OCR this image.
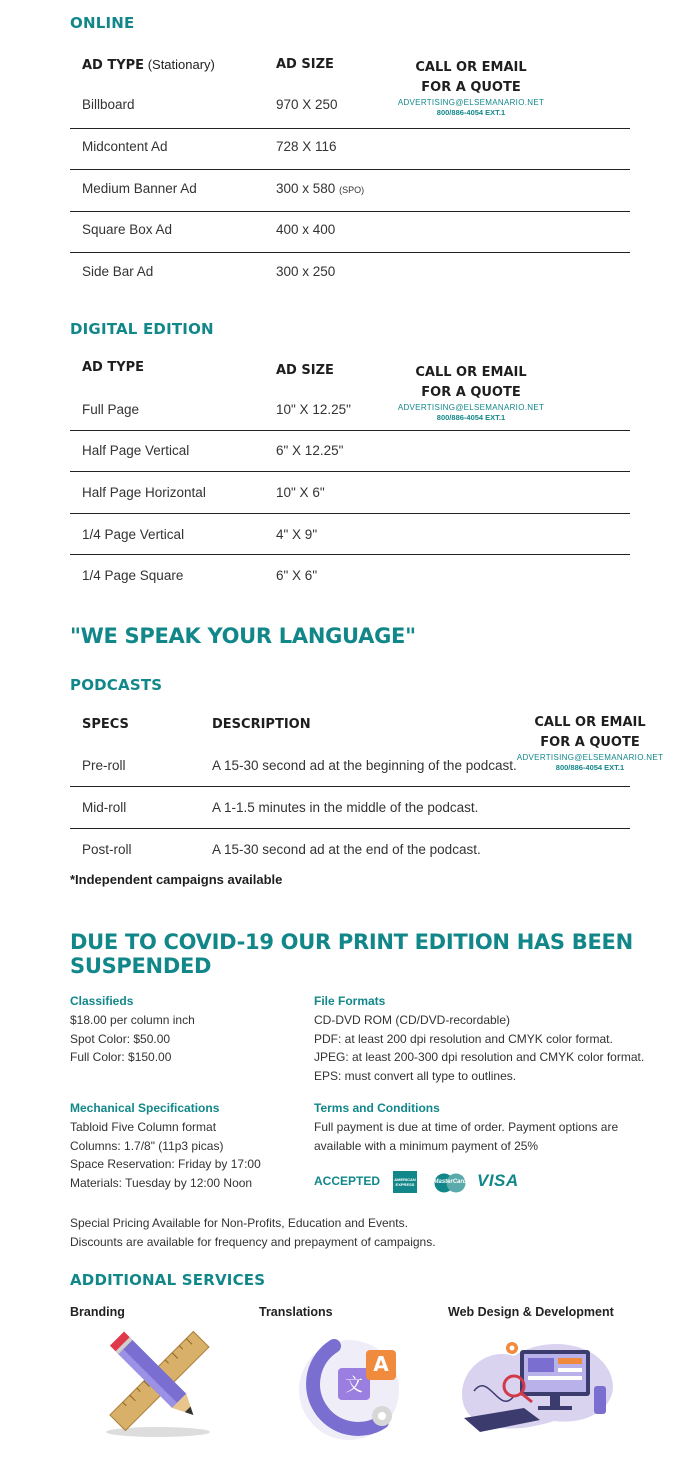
ONLINE
AD TYPE (Stationary)	AD SIZE	CALL OR EMAIL
FOR A QUOTE
ADVERTISING@ELSEMANARIO.NET
800/886-4054 EXT.1
Billboard	970 X 250
Midcontent Ad	728 X 116
Medium Banner Ad	300 x 580 (SPO)
Square Box Ad	400 x 400
Side Bar Ad	300 x 250
DIGITAL EDITION
AD TYPE	AD SIZE	CALL OR EMAIL
FOR A QUOTE
ADVERTISING@ELSEMANARIO.NET
800/886-4054 EXT.1
Full Page	10" X 12.25"
Half Page Vertical	6" X 12.25"
Half Page Horizontal	10" X 6"
1/4 Page Vertical	4" X 9"
1/4 Page Square	6" X 6"
"WE SPEAK YOUR LANGUAGE"
PODCASTS
SPECS	DESCRIPTION	CALL OR EMAIL
FOR A QUOTE
ADVERTISING@ELSEMANARIO.NET
800/886-4054 EXT.1
Pre-roll	A 15-30 second ad at the beginning of the podcast.
Mid-roll	A 1-1.5 minutes in the middle of the podcast.
Post-roll	A 15-30 second ad at the end of the podcast.
*Independent campaigns available
DUE TO COVID-19 OUR PRINT EDITION HAS BEEN SUSPENDED
Classifieds
$18.00 per column inch
Spot Color: $50.00
Full Color: $150.00
File Formats
CD-DVD ROM (CD/DVD-recordable)
PDF: at least 200 dpi resolution and CMYK color format.
JPEG: at least 200-300 dpi resolution and CMYK color format.
EPS: must convert all type to outlines.
Mechanical Specifications
Tabloid Five Column format
Columns: 1.7/8" (11p3 picas)
Space Reservation: Friday by 17:00
Materials: Tuesday by 12:00 Noon
Terms and Conditions
Full payment is due at time of order. Payment options are
available with a minimum payment of 25%
ACCEPTED	AMERICAN EXPRESS	MasterCard VISA
Special Pricing Available for Non-Profits, Education and Events.
Discounts are available for frequency and prepayment of campaigns.
ADDITIONAL SERVICES
Branding	Translations	Web Design & Development
文
A
